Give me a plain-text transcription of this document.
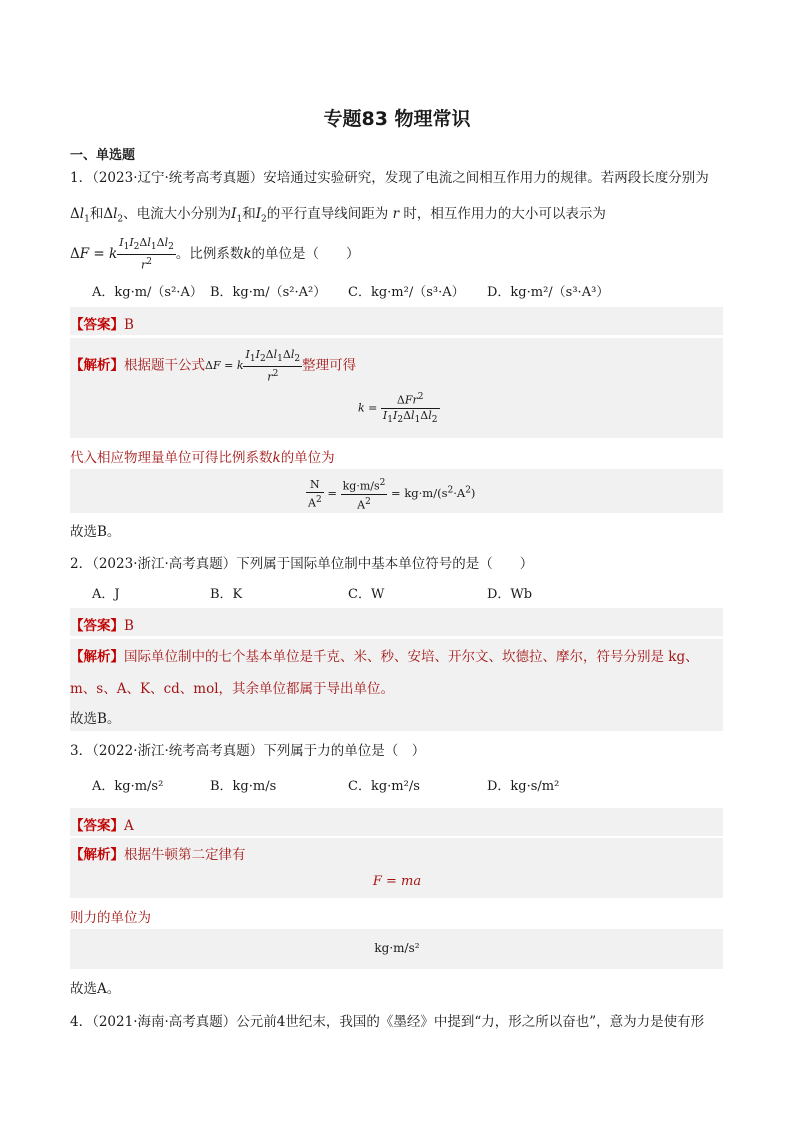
专题83 物理常识
一、单选题
1．（2023·辽宁·统考高考真题）安培通过实验研究，发现了电流之间相互作用力的规律。若两段长度分别为
$\Delta l_1$和$\Delta l_2$、电流大小分别为$I_1$和$I_2$的平行直导线间距为 r 时，相互作用力的大小可以表示为
ΔF = k $\frac{I_1I_2\Delta l_1\Delta l_2}{r^2}$ 。比例系数k的单位是（　　）
A．kg·m/（s²·A） B．kg·m/（s²·A²） C．kg·m²/（s³·A） D．kg·m²/（s³·A³）
【答案】B
【解析】根据题干公式ΔF = k $\frac{I_1I_2\Delta l_1\Delta l_2}{r^2}$ 整理可得
$k = \frac{\Delta Fr^2}{I_1I_2\Delta l_1\Delta l_2}$
代入相应物理量单位可得比例系数k的单位为
$\frac{N}{A^2} = \frac{kg\cdot m/s^2}{A^2} = kg\cdot m/(s^2\cdot A^2)$
故选B。
2．（2023·浙江·高考真题）下列属于国际单位制中基本单位符号的是（　　）
A．J	B．K	C．W	D．Wb
【答案】B
【解析】国际单位制中的七个基本单位是千克、米、秒、安培、开尔文、坎德拉、摩尔，符号分别是 kg、
m、s、A、K、cd、mol，其余单位都属于导出单位。
故选B。
3．（2022·浙江·统考高考真题）下列属于力的单位是（　）
A．kg·m/s²	B．kg·m/s	C．kg·m²/s	D．kg·s/m²
【答案】A
【解析】根据牛顿第二定律有
F = ma
则力的单位为
kg·m/s²
故选A。
4．（2021·海南·高考真题）公元前4世纪末，我国的《墨经》中提到“力，形之所以奋也”，意为力是使有形
